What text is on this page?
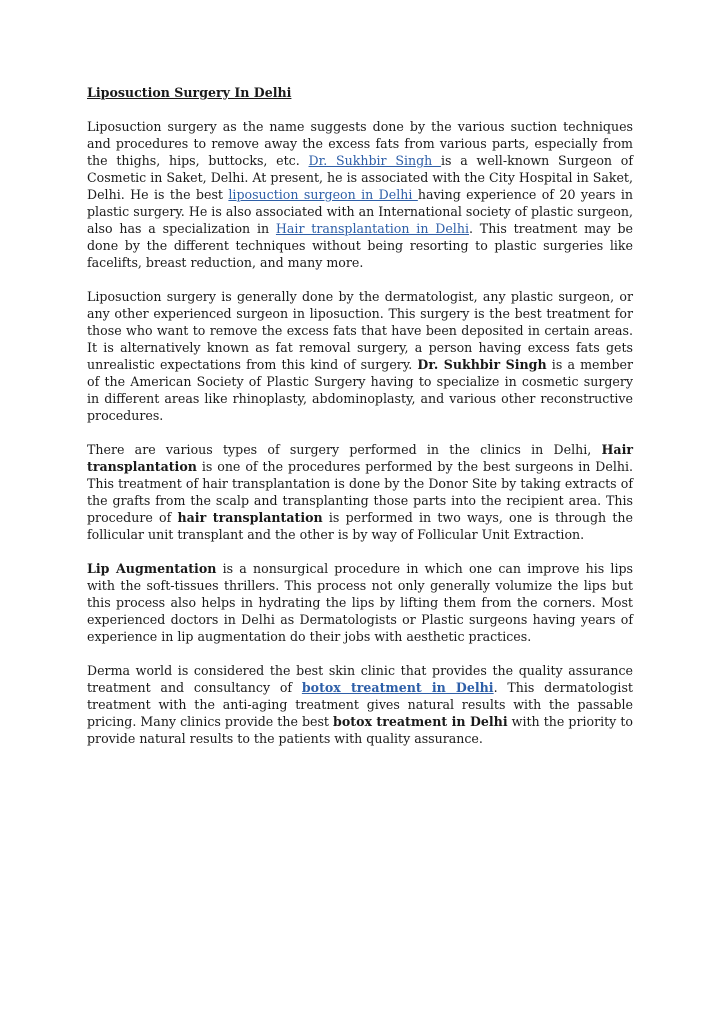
Liposuction Surgery In Delhi

Liposuction surgery as the name suggests done by the various suction techniques and procedures to remove away the excess fats from various parts, especially from the thighs, hips, buttocks, etc. Dr. Sukhbir Singh is a well-known Surgeon of Cosmetic in Saket, Delhi. At present, he is associated with the City Hospital in Saket, Delhi. He is the best liposuction surgeon in Delhi having experience of 20 years in plastic surgery. He is also associated with an International society of plastic surgeon, also has a specialization in Hair transplantation in Delhi. This treatment may be done by the different techniques without being resorting to plastic surgeries like facelifts, breast reduction, and many more.

Liposuction surgery is generally done by the dermatologist, any plastic surgeon, or any other experienced surgeon in liposuction. This surgery is the best treatment for those who want to remove the excess fats that have been deposited in certain areas. It is alternatively known as fat removal surgery, a person having excess fats gets unrealistic expectations from this kind of surgery. Dr. Sukhbir Singh is a member of the American Society of Plastic Surgery having to specialize in cosmetic surgery in different areas like rhinoplasty, abdominoplasty, and various other reconstructive procedures.

There are various types of surgery performed in the clinics in Delhi, Hair transplantation is one of the procedures performed by the best surgeons in Delhi. This treatment of hair transplantation is done by the Donor Site by taking extracts of the grafts from the scalp and transplanting those parts into the recipient area. This procedure of hair transplantation is performed in two ways, one is through the follicular unit transplant and the other is by way of Follicular Unit Extraction.

Lip Augmentation is a nonsurgical procedure in which one can improve his lips with the soft-tissues thrillers. This process not only generally volumize the lips but this process also helps in hydrating the lips by lifting them from the corners. Most experienced doctors in Delhi as Dermatologists or Plastic surgeons having years of experience in lip augmentation do their jobs with aesthetic practices.

Derma world is considered the best skin clinic that provides the quality assurance treatment and consultancy of botox treatment in Delhi. This dermatologist treatment with the anti-aging treatment gives natural results with the passable pricing. Many clinics provide the best botox treatment in Delhi with the priority to provide natural results to the patients with quality assurance.
